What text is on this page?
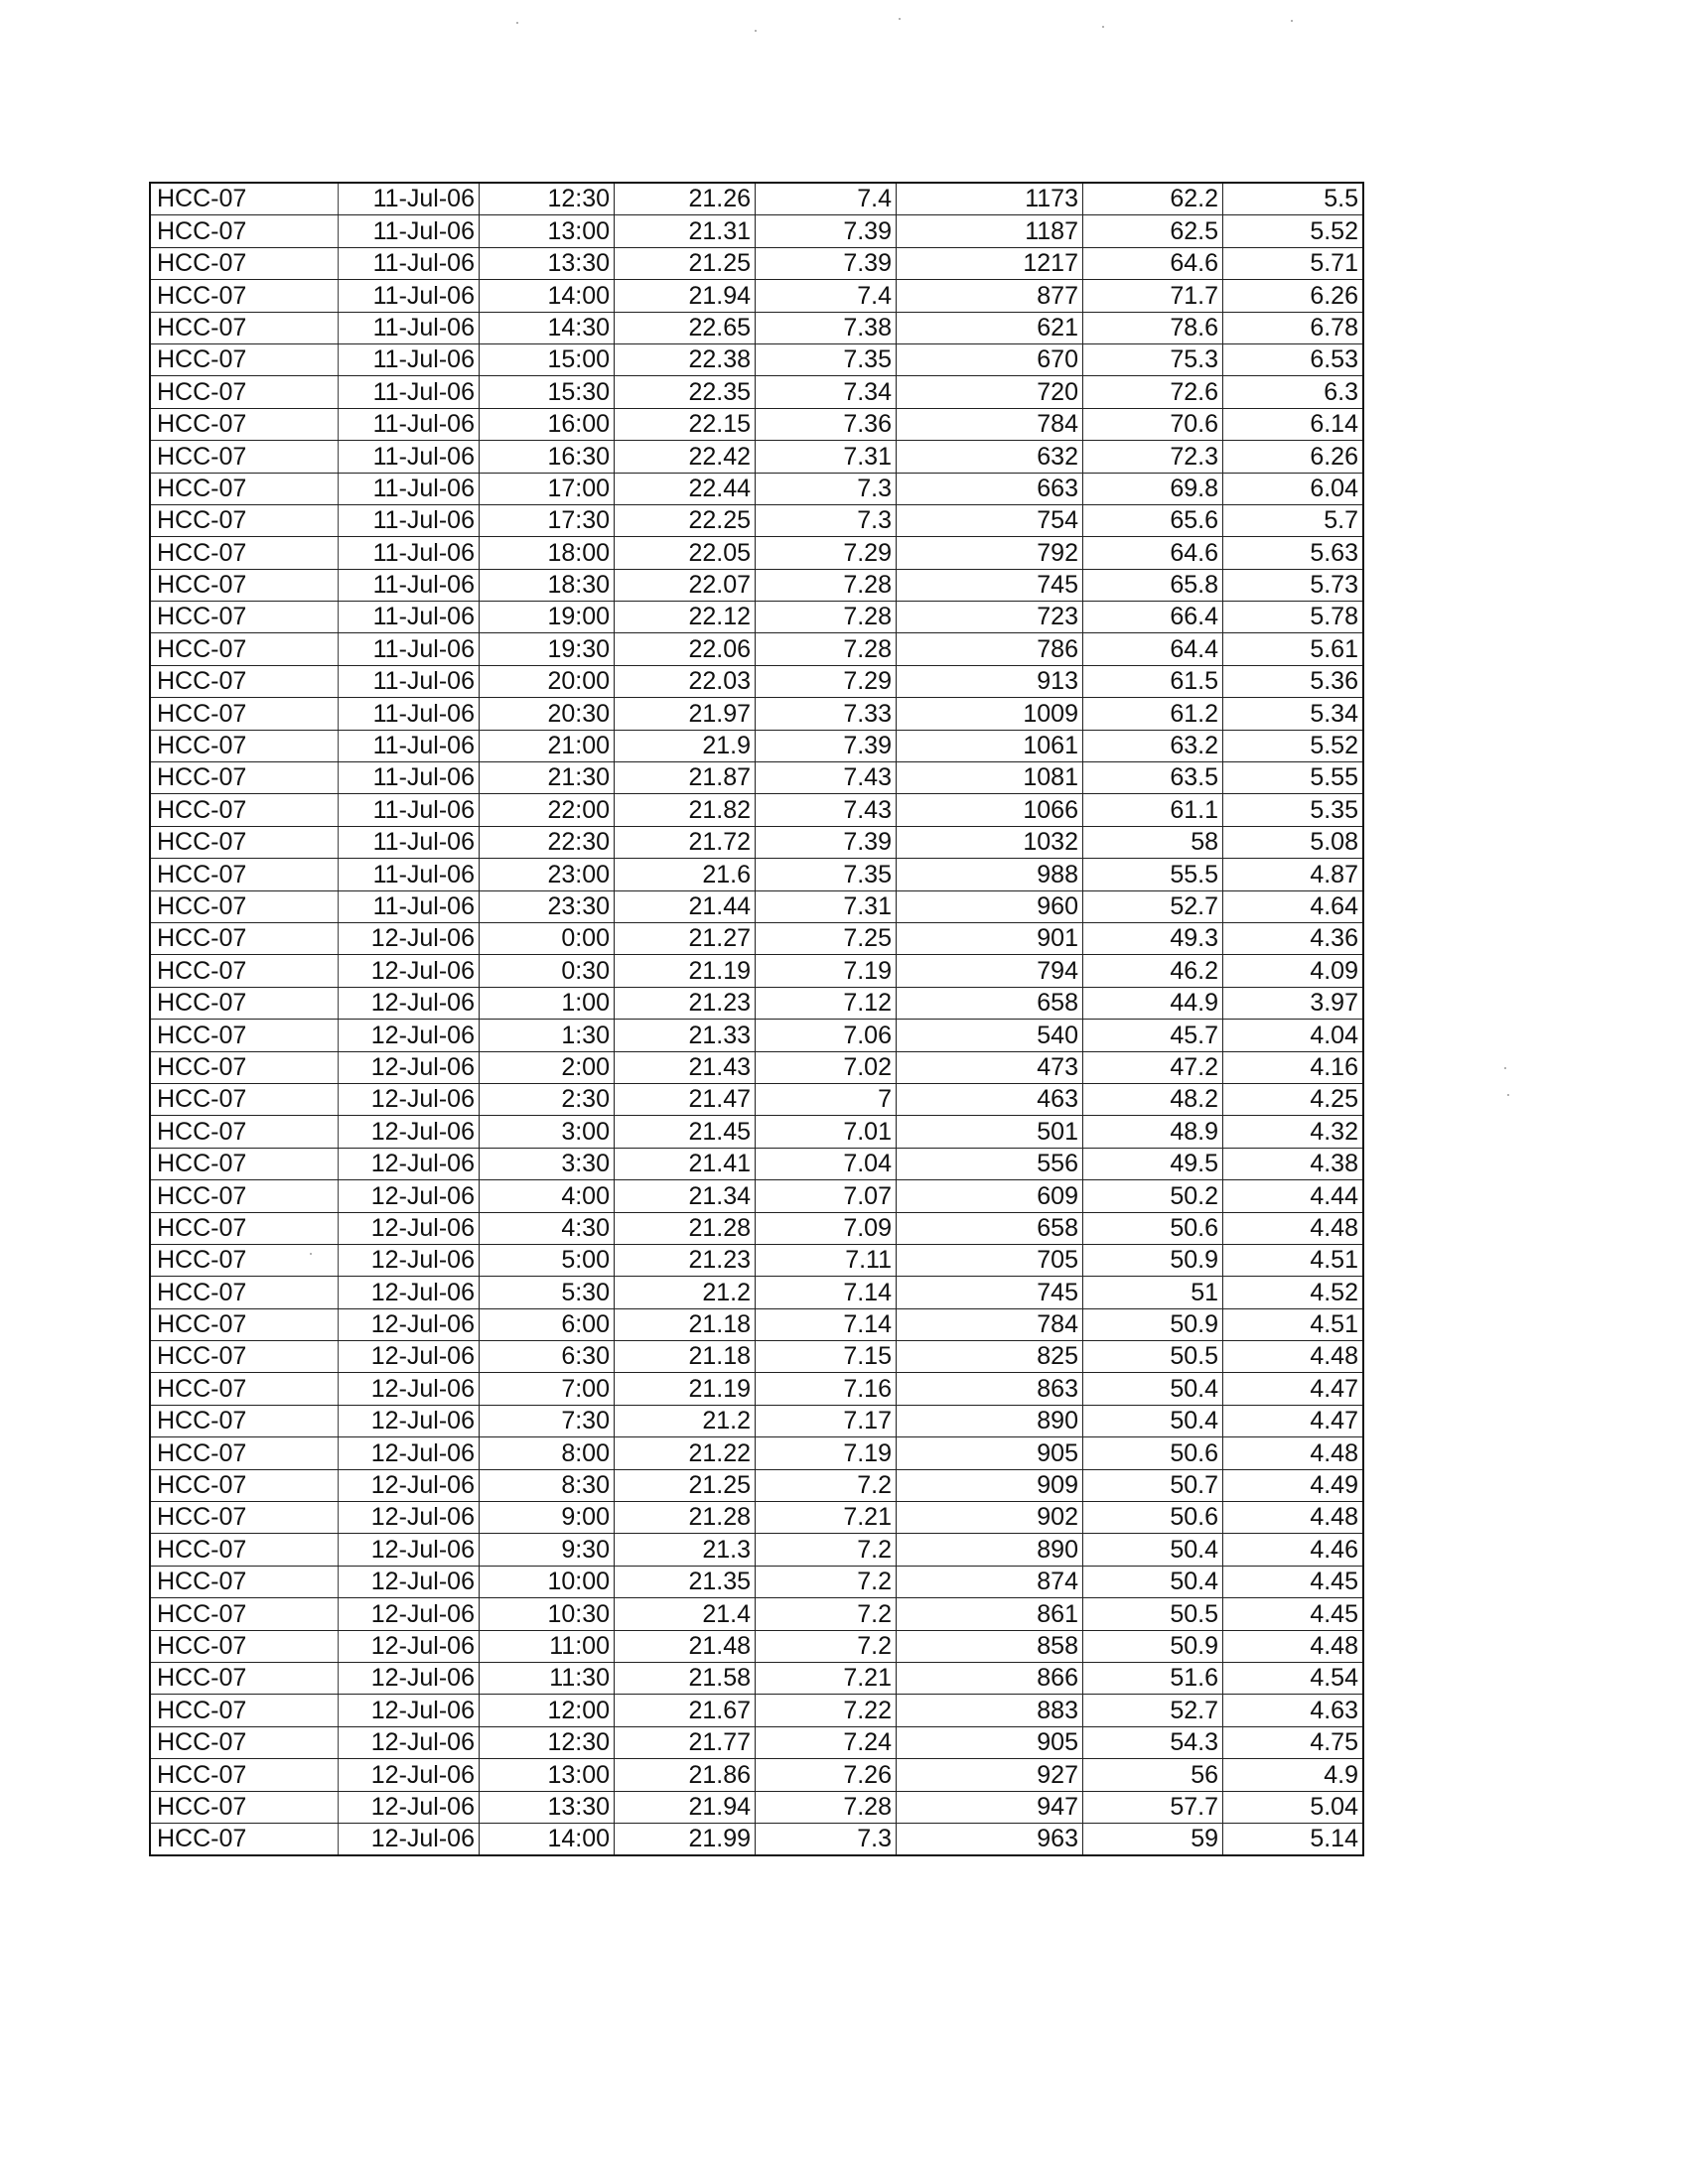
HCC-07	11-Jul-06	12:30	21.26	7.4	1173	62.2	5.5
HCC-07	11-Jul-06	13:00	21.31	7.39	1187	62.5	5.52
HCC-07	11-Jul-06	13:30	21.25	7.39	1217	64.6	5.71
HCC-07	11-Jul-06	14:00	21.94	7.4	877	71.7	6.26
HCC-07	11-Jul-06	14:30	22.65	7.38	621	78.6	6.78
HCC-07	11-Jul-06	15:00	22.38	7.35	670	75.3	6.53
HCC-07	11-Jul-06	15:30	22.35	7.34	720	72.6	6.3
HCC-07	11-Jul-06	16:00	22.15	7.36	784	70.6	6.14
HCC-07	11-Jul-06	16:30	22.42	7.31	632	72.3	6.26
HCC-07	11-Jul-06	17:00	22.44	7.3	663	69.8	6.04
HCC-07	11-Jul-06	17:30	22.25	7.3	754	65.6	5.7
HCC-07	11-Jul-06	18:00	22.05	7.29	792	64.6	5.63
HCC-07	11-Jul-06	18:30	22.07	7.28	745	65.8	5.73
HCC-07	11-Jul-06	19:00	22.12	7.28	723	66.4	5.78
HCC-07	11-Jul-06	19:30	22.06	7.28	786	64.4	5.61
HCC-07	11-Jul-06	20:00	22.03	7.29	913	61.5	5.36
HCC-07	11-Jul-06	20:30	21.97	7.33	1009	61.2	5.34
HCC-07	11-Jul-06	21:00	21.9	7.39	1061	63.2	5.52
HCC-07	11-Jul-06	21:30	21.87	7.43	1081	63.5	5.55
HCC-07	11-Jul-06	22:00	21.82	7.43	1066	61.1	5.35
HCC-07	11-Jul-06	22:30	21.72	7.39	1032	58	5.08
HCC-07	11-Jul-06	23:00	21.6	7.35	988	55.5	4.87
HCC-07	11-Jul-06	23:30	21.44	7.31	960	52.7	4.64
HCC-07	12-Jul-06	0:00	21.27	7.25	901	49.3	4.36
HCC-07	12-Jul-06	0:30	21.19	7.19	794	46.2	4.09
HCC-07	12-Jul-06	1:00	21.23	7.12	658	44.9	3.97
HCC-07	12-Jul-06	1:30	21.33	7.06	540	45.7	4.04
HCC-07	12-Jul-06	2:00	21.43	7.02	473	47.2	4.16
HCC-07	12-Jul-06	2:30	21.47	7	463	48.2	4.25
HCC-07	12-Jul-06	3:00	21.45	7.01	501	48.9	4.32
HCC-07	12-Jul-06	3:30	21.41	7.04	556	49.5	4.38
HCC-07	12-Jul-06	4:00	21.34	7.07	609	50.2	4.44
HCC-07	12-Jul-06	4:30	21.28	7.09	658	50.6	4.48
HCC-07	12-Jul-06	5:00	21.23	7.11	705	50.9	4.51
HCC-07	12-Jul-06	5:30	21.2	7.14	745	51	4.52
HCC-07	12-Jul-06	6:00	21.18	7.14	784	50.9	4.51
HCC-07	12-Jul-06	6:30	21.18	7.15	825	50.5	4.48
HCC-07	12-Jul-06	7:00	21.19	7.16	863	50.4	4.47
HCC-07	12-Jul-06	7:30	21.2	7.17	890	50.4	4.47
HCC-07	12-Jul-06	8:00	21.22	7.19	905	50.6	4.48
HCC-07	12-Jul-06	8:30	21.25	7.2	909	50.7	4.49
HCC-07	12-Jul-06	9:00	21.28	7.21	902	50.6	4.48
HCC-07	12-Jul-06	9:30	21.3	7.2	890	50.4	4.46
HCC-07	12-Jul-06	10:00	21.35	7.2	874	50.4	4.45
HCC-07	12-Jul-06	10:30	21.4	7.2	861	50.5	4.45
HCC-07	12-Jul-06	11:00	21.48	7.2	858	50.9	4.48
HCC-07	12-Jul-06	11:30	21.58	7.21	866	51.6	4.54
HCC-07	12-Jul-06	12:00	21.67	7.22	883	52.7	4.63
HCC-07	12-Jul-06	12:30	21.77	7.24	905	54.3	4.75
HCC-07	12-Jul-06	13:00	21.86	7.26	927	56	4.9
HCC-07	12-Jul-06	13:30	21.94	7.28	947	57.7	5.04
HCC-07	12-Jul-06	14:00	21.99	7.3	963	59	5.14
